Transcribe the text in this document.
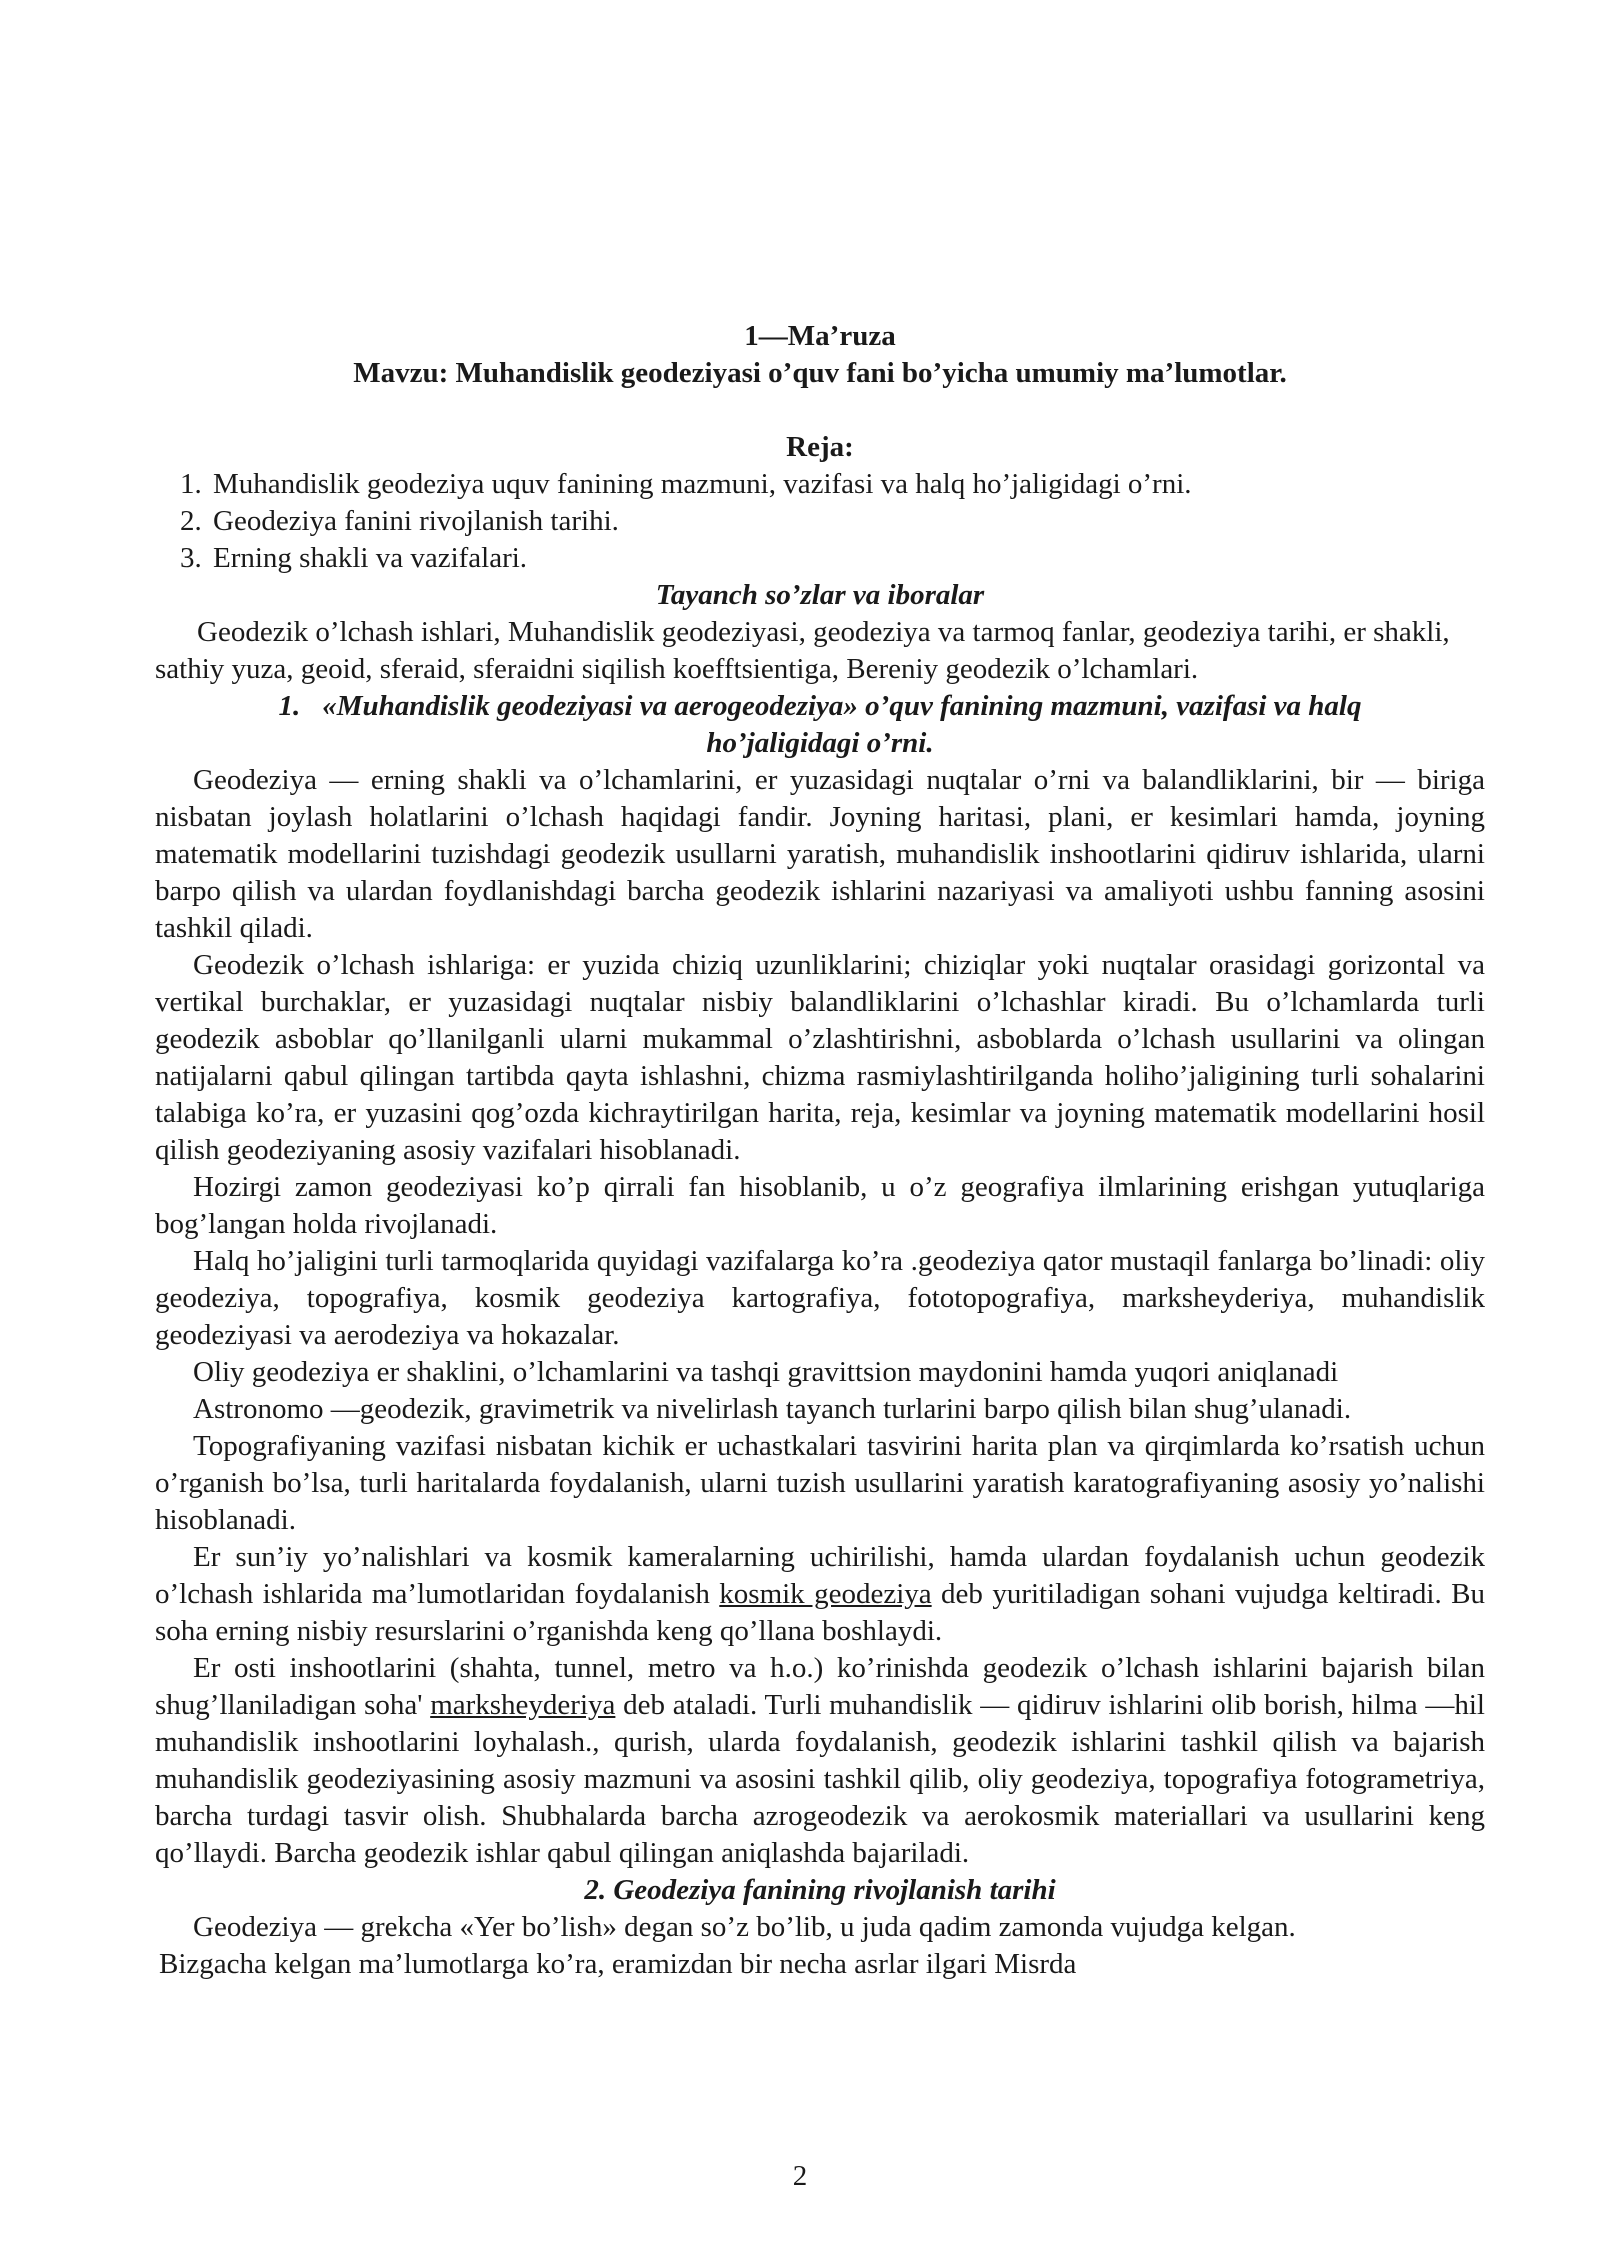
1—Ma’ruza
Mavzu: Muhandislik geodeziyasi o’quv fani bo’yicha umumiy ma’lumotlar.
Reja:
1. Muhandislik geodeziya uquv fanining mazmuni, vazifasi va halq ho’jaligidagi o’rni.
2. Geodeziya fanini rivojlanish tarihi.
3. Erning shakli va vazifalari.
Tayanch so’zlar va iboralar

Geodezik o’lchash ishlari, Muhandislik geodeziyasi, geodeziya va tarmoq fanlar, geodeziya tarihi, er shakli, sathiy yuza, geoid, sferaid, sferaidni siqilish koefftsientiga, Bereniy geodezik o’lchamlari.

1. «Muhandislik geodeziyasi va aerogeodeziya» o’quv fanining mazmuni, vazifasi va halq ho’jaligidagi o’rni.

Geodeziya — erning shakli va o’lchamlarini, er yuzasidagi nuqtalar o’rni va balandliklarini, bir — biriga nisbatan joylash holatlarini o’lchash haqidagi fandir. Joyning haritasi, plani, er kesimlari hamda, joyning matematik modellarini tuzishdagi geodezik usullarni yaratish, muhandislik inshootlarini qidiruv ishlarida, ularni barpo qilish va ulardan foydlanishdagi barcha geodezik ishlarini nazariyasi va amaliyoti ushbu fanning asosini tashkil qiladi.

Geodezik o’lchash ishlariga: er yuzida chiziq uzunliklarini; chiziqlar yoki nuqtalar orasidagi gorizontal va vertikal burchaklar, er yuzasidagi nuqtalar nisbiy balandliklarini o’lchashlar kiradi. Bu o’lchamlarda turli geodezik asboblar qo’llanilganli ularni mukammal o’zlashtirishni, asboblarda o’lchash usullarini va olingan natijalarni qabul qilingan tartibda qayta ishlashni, chizma rasmiylashtirilganda holiho’jaligining turli sohalarini talabiga ko’ra, er yuzasini qog’ozda kichraytirilgan harita, reja, kesimlar va joyning matematik modellarini hosil qilish geodeziyaning asosiy vazifalari hisoblanadi.

Hozirgi zamon geodeziyasi ko’p qirrali fan hisoblanib, u o’z geografiya ilmlarining erishgan yutuqlariga bog’langan holda rivojlanadi.

Halq ho’jaligini turli tarmoqlarida quyidagi vazifalarga ko’ra .geodeziya qator mustaqil fanlarga bo’linadi: oliy geodeziya, topografiya, kosmik geodeziya kartografiya, fototopografiya, marksheyderiya, muhandislik geodeziyasi va aerodeziya va hokazalar.

Oliy geodeziya er shaklini, o’lchamlarini va tashqi gravittsion maydonini hamda yuqori aniqlanadi

Astronomo —geodezik, gravimetrik va nivelirlash tayanch turlarini barpo qilish bilan shug’ulanadi.

Topografiyaning vazifasi nisbatan kichik er uchastkalari tasvirini harita plan va qirqimlarda ko’rsatish uchun o’rganish bo’lsa, turli haritalarda foydalanish, ularni tuzish usullarini yaratish karatografiyaning asosiy yo’nalishi hisoblanadi.

Er sun’iy yo’nalishlari va kosmik kameralarning uchirilishi, hamda ulardan foydalanish uchun geodezik o’lchash ishlarida ma’lumotlaridan foydalanish kosmik geodeziya deb yuritiladigan sohani vujudga keltiradi. Bu soha erning nisbiy resurslarini o’rganishda keng qo’llana boshlaydi.

Er osti inshootlarini (shahta, tunnel, metro va h.o.) ko’rinishda geodezik o’lchash ishlarini bajarish bilan shug’llaniladigan soha' marksheyderiya deb ataladi. Turli muhandislik — qidiruv ishlarini olib borish, hilma —hil muhandislik inshootlarini loyhalash., qurish, ularda foydalanish, geodezik ishlarini tashkil qilish va bajarish muhandislik geodeziyasining asosiy mazmuni va asosini tashkil qilib, oliy geodeziya, topografiya fotogrametriya, barcha turdagi tasvir olish. Shubhalarda barcha azrogeodezik va aerokosmik materiallari va usullarini keng qo’llaydi. Barcha geodezik ishlar qabul qilingan aniqlashda bajariladi.

2. Geodeziya fanining rivojlanish tarihi

Geodeziya — grekcha «Yer bo’lish» degan so’z bo’lib, u juda qadim zamonda vujudga kelgan.

Bizgacha kelgan ma’lumotlarga ko’ra, eramizdan bir necha asrlar ilgari Misrda

2
